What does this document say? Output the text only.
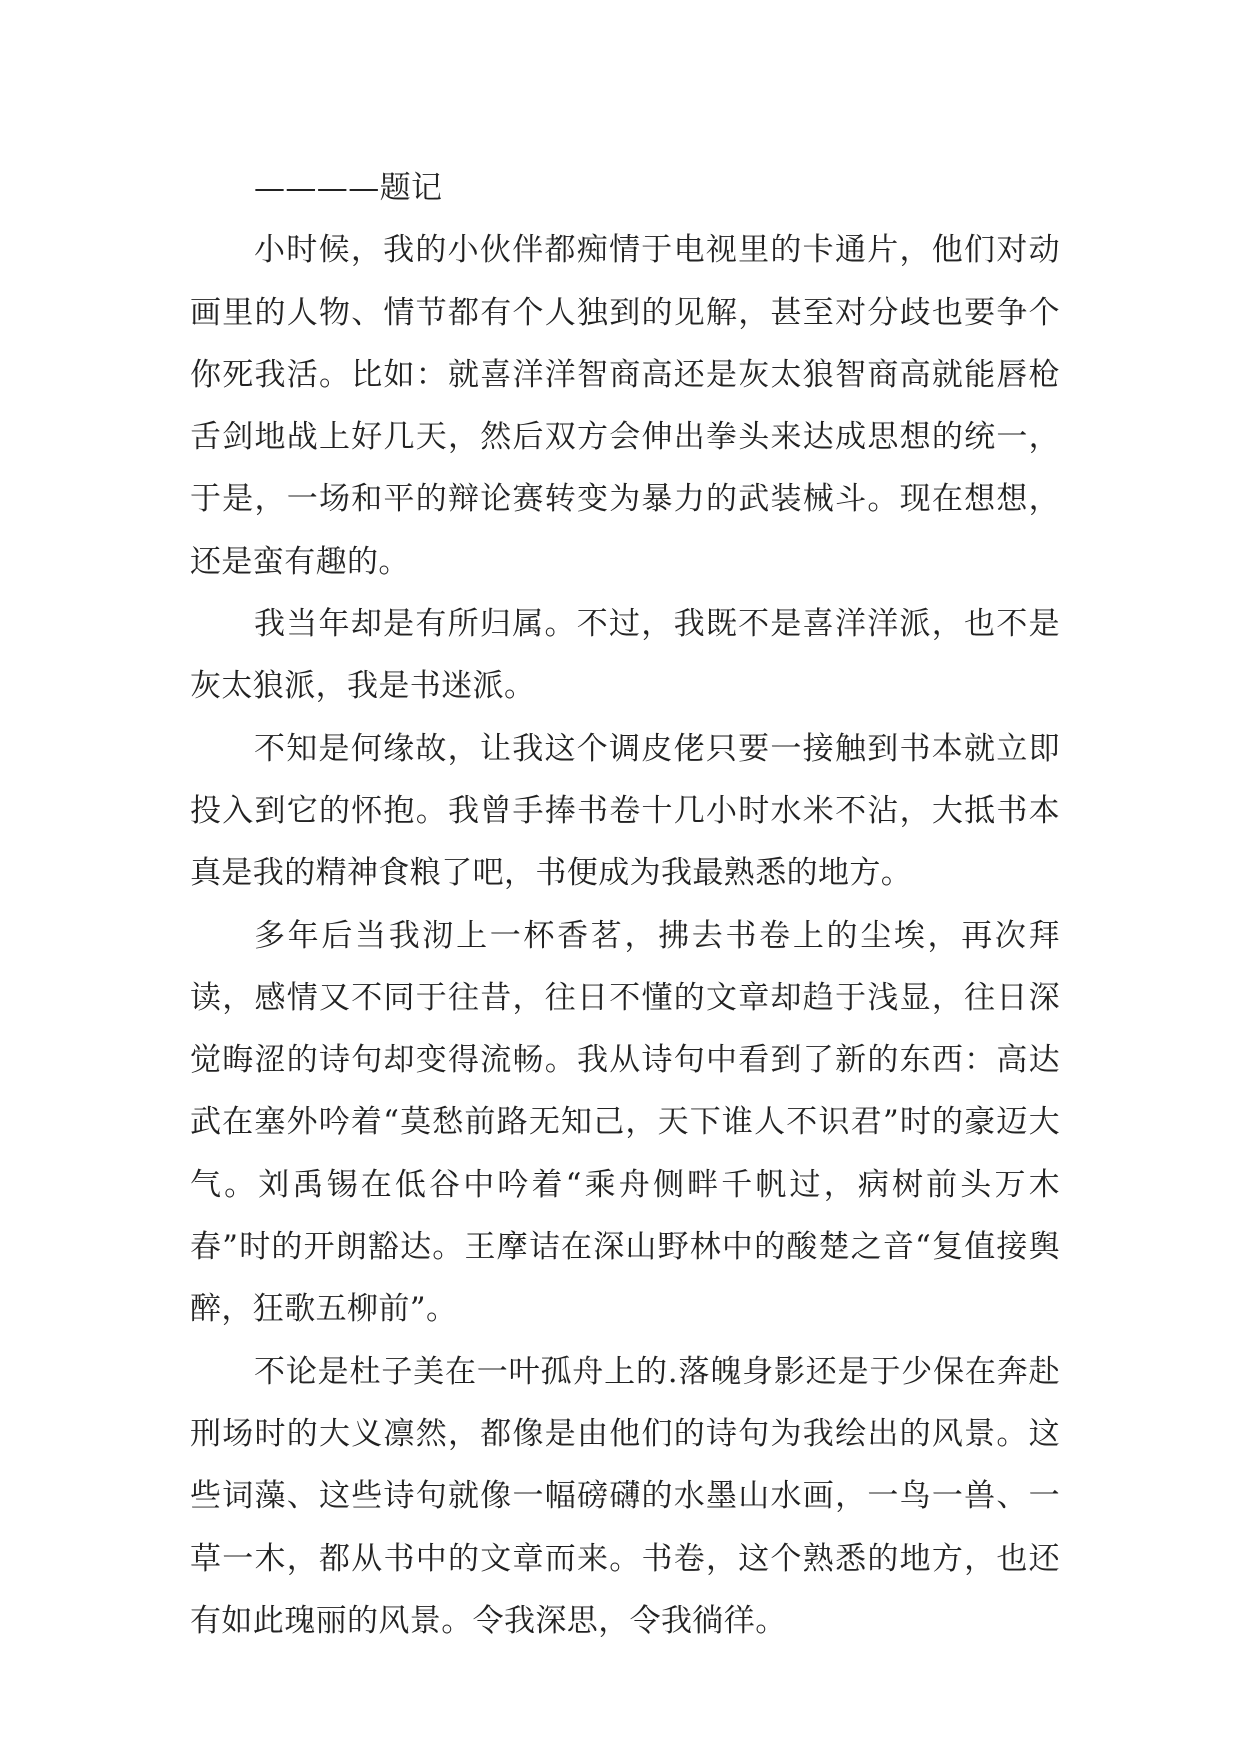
————题记

小时候，我的小伙伴都痴情于电视里的卡通片，他们对动画里的人物、情节都有个人独到的见解，甚至对分歧也要争个你死我活。比如：就喜洋洋智商高还是灰太狼智商高就能唇枪舌剑地战上好几天，然后双方会伸出拳头来达成思想的统一，于是，一场和平的辩论赛转变为暴力的武装械斗。现在想想，还是蛮有趣的。

我当年却是有所归属。不过，我既不是喜洋洋派，也不是灰太狼派，我是书迷派。

不知是何缘故，让我这个调皮佬只要一接触到书本就立即投入到它的怀抱。我曾手捧书卷十几小时水米不沾，大抵书本真是我的精神食粮了吧，书便成为我最熟悉的地方。

多年后当我沏上一杯香茗，拂去书卷上的尘埃，再次拜读，感情又不同于往昔，往日不懂的文章却趋于浅显，往日深觉晦涩的诗句却变得流畅。我从诗句中看到了新的东西：高达武在塞外吟着“莫愁前路无知己，天下谁人不识君”时的豪迈大气。刘禹锡在低谷中吟着“乘舟侧畔千帆过，病树前头万木春”时的开朗豁达。王摩诘在深山野林中的酸楚之音“复值接舆醉，狂歌五柳前”。

不论是杜子美在一叶孤舟上的.落魄身影还是于少保在奔赴刑场时的大义凛然，都像是由他们的诗句为我绘出的风景。这些词藻、这些诗句就像一幅磅礴的水墨山水画，一鸟一兽、一草一木，都从书中的文章而来。书卷，这个熟悉的地方，也还有如此瑰丽的风景。令我深思，令我徜徉。
